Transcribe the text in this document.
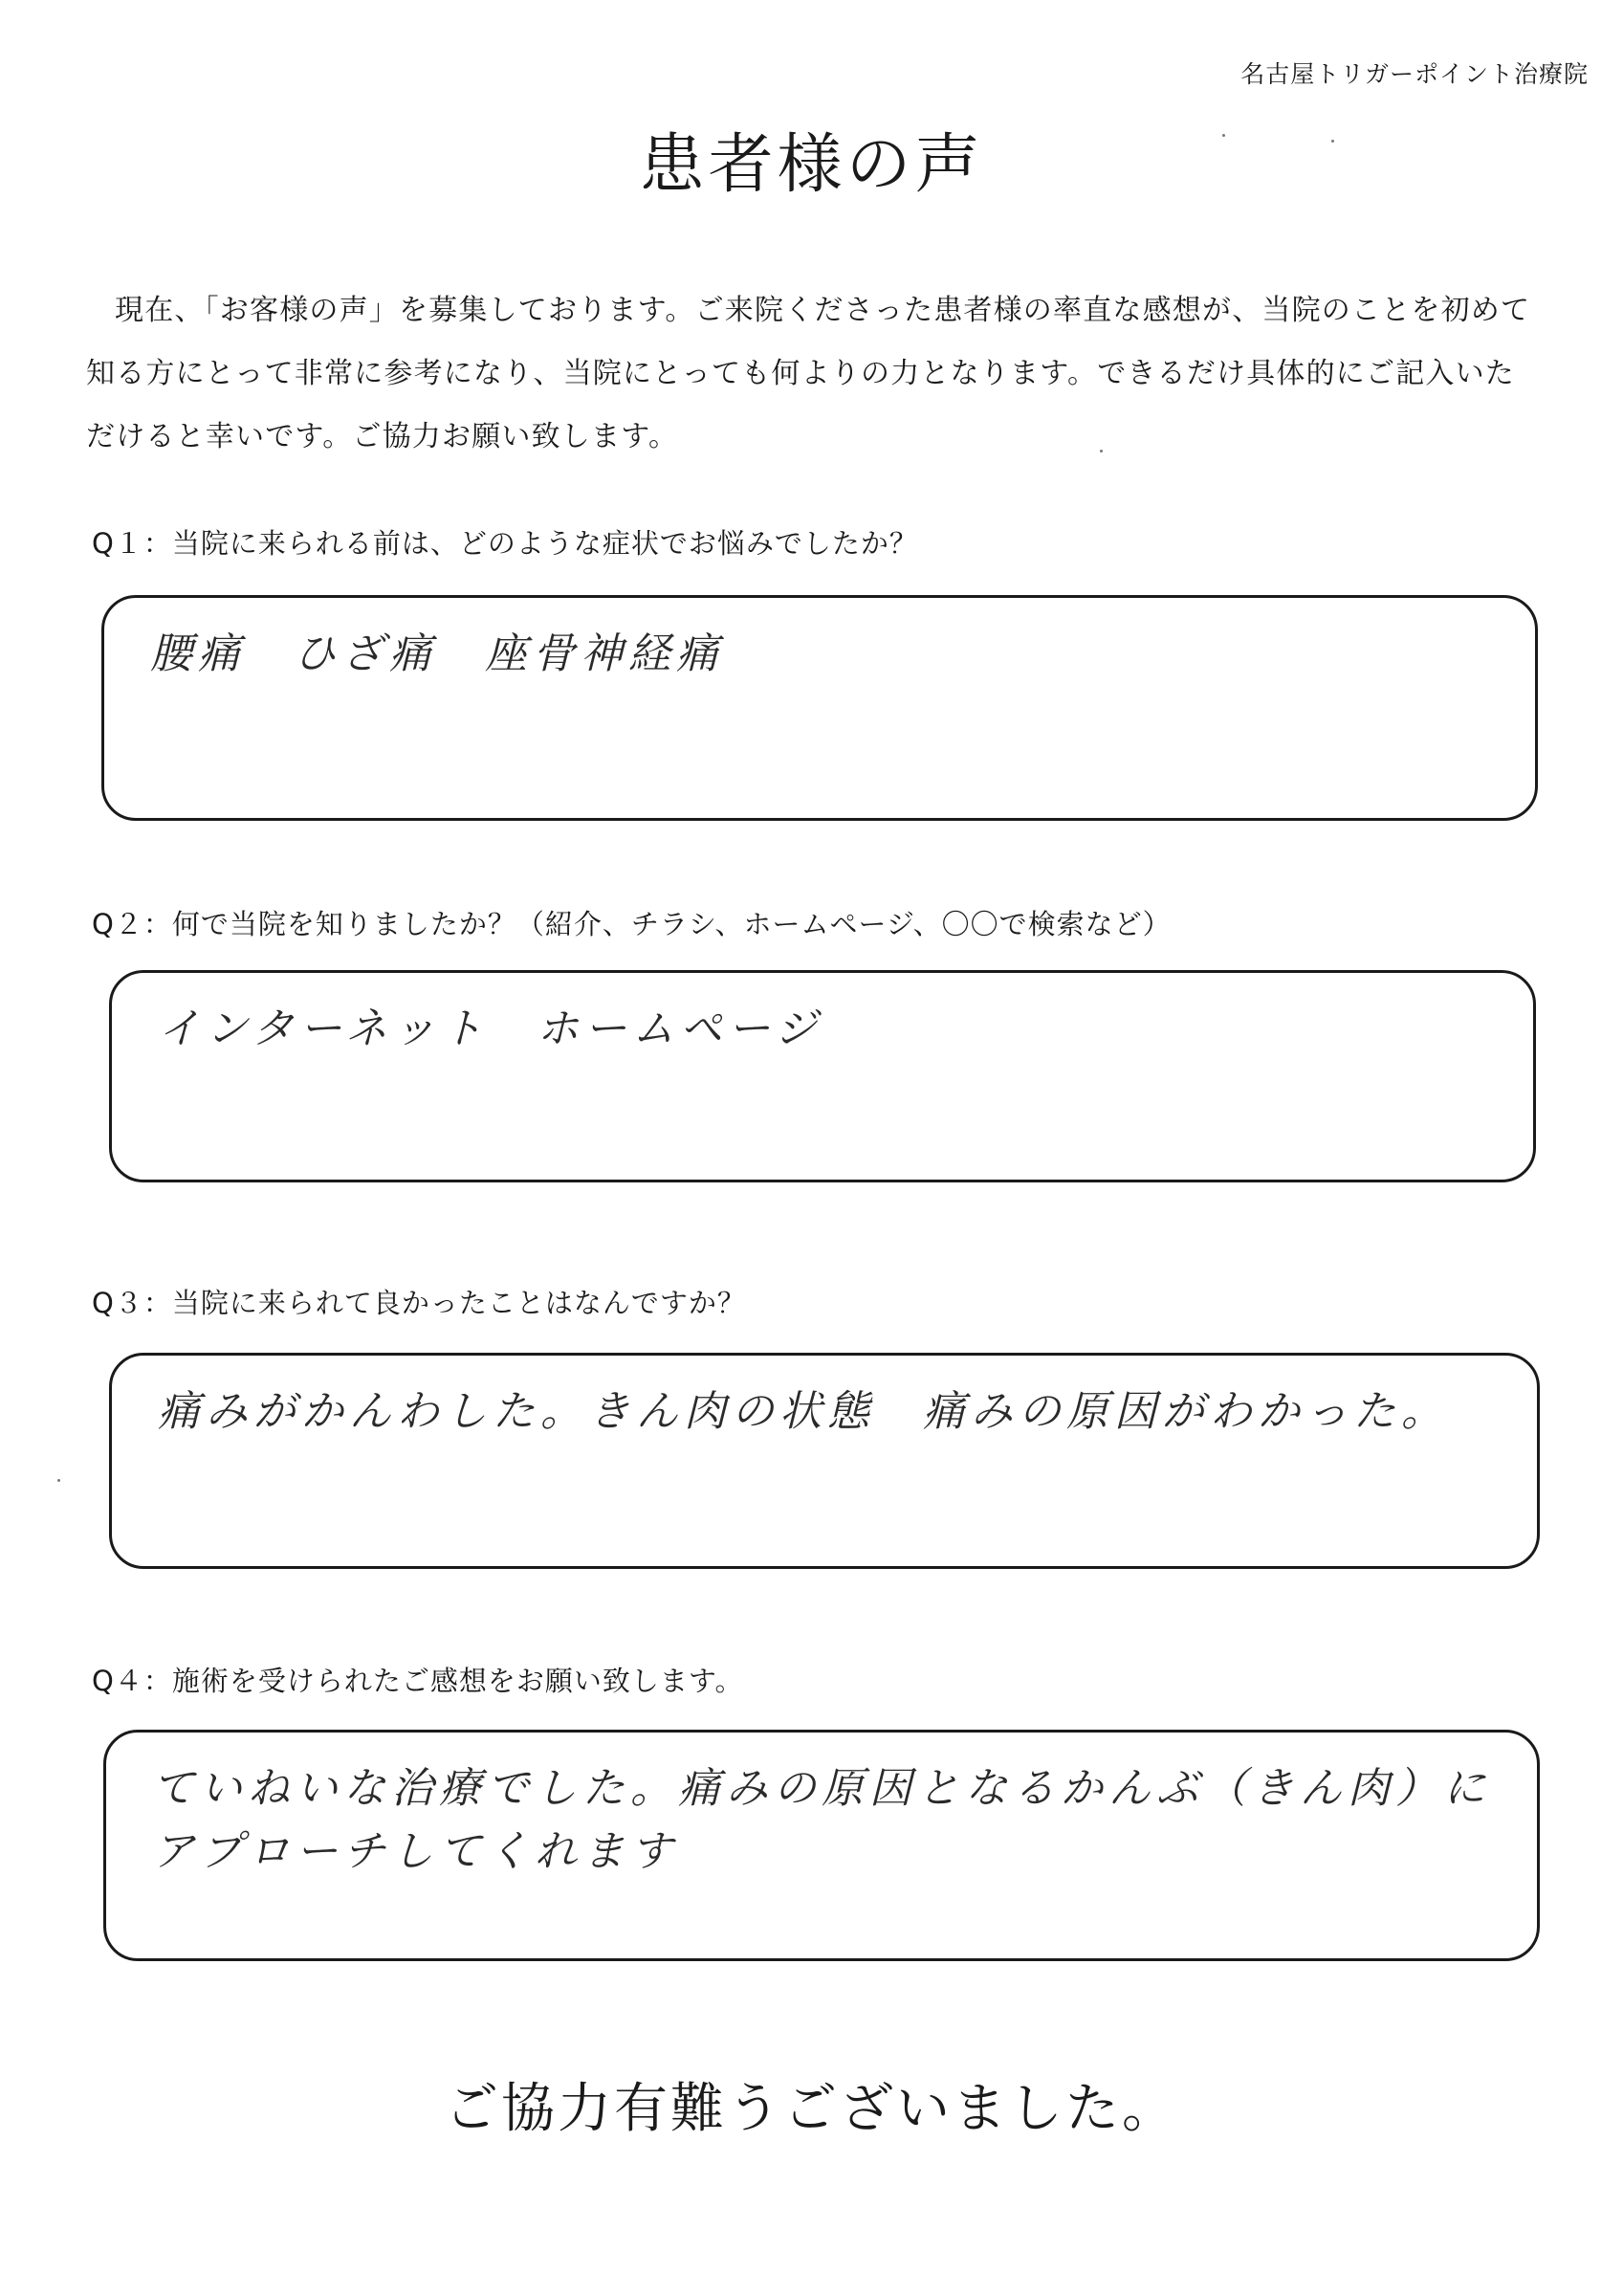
名古屋トリガーポイント治療院
患者様の声

現在、「お客様の声」を募集しております。ご来院くださった患者様の率直な感想が、当院のことを初めて知る方にとって非常に参考になり、当院にとっても何よりの力となります。できるだけ具体的にご記入いただけると幸いです。ご協力お願い致します。

Q１：当院に来られる前は、どのような症状でお悩みでしたか？
腰痛　ひざ痛　座骨神経痛
Q２：何で当院を知りましたか？（紹介、チラシ、ホームページ、〇〇で検索など）
インターネット　ホームページ
Q３：当院に来られて良かったことはなんですか？
痛みがかんわした。きん肉の状態　痛みの原因がわかった。
Q４：施術を受けられたご感想をお願い致します。
ていねいな治療でした。痛みの原因となるかんぶ（きん肉）に
アプローチしてくれます
ご協力有難うございました。
